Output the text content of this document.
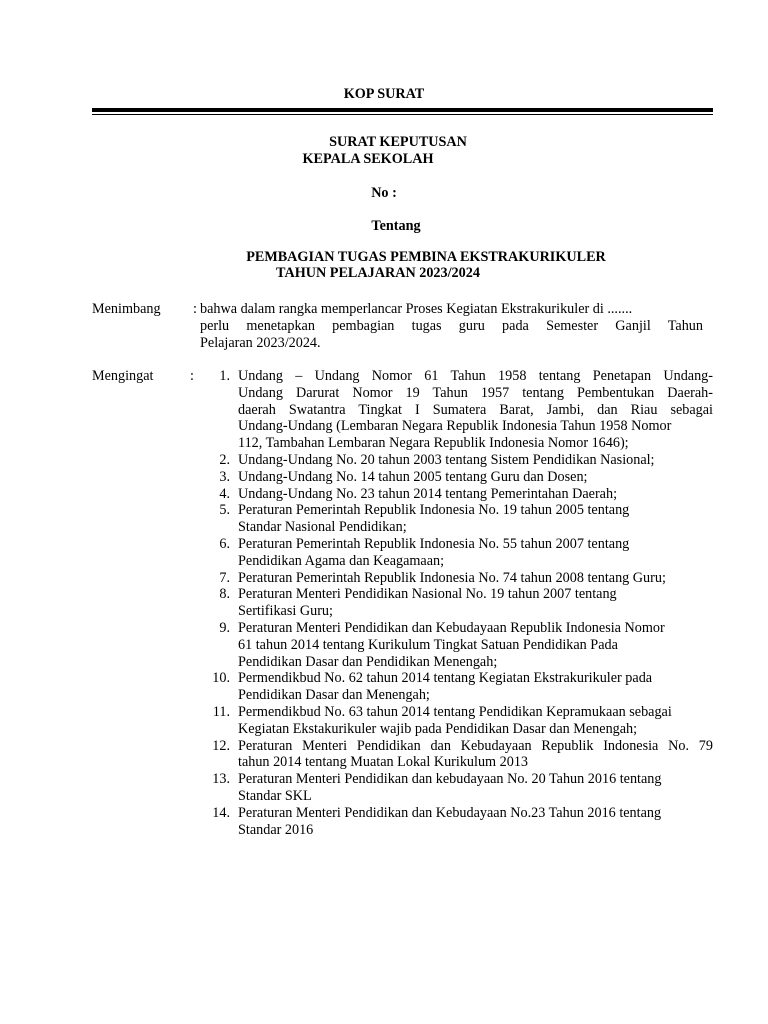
KOP SURAT
SURAT KEPUTUSAN
KEPALA SEKOLAH
No :
Tentang
PEMBAGIAN TUGAS PEMBINA EKSTRAKURIKULER
TAHUN PELAJARAN 2023/2024
Menimbang : bahwa dalam rangka memperlancar Proses Kegiatan Ekstrakurikuler di .......
perlu menetapkan pembagian tugas guru pada Semester Ganjil Tahun
Pelajaran 2023/2024.
Mengingat	:	1. Undang – Undang Nomor 61 Tahun 1958 tentang Penetapan Undang-
Undang Darurat Nomor 19 Tahun 1957 tentang Pembentukan Daerah-
daerah Swatantra Tingkat I Sumatera Barat, Jambi, dan Riau sebagai
Undang-Undang (Lembaran Negara Republik Indonesia Tahun 1958 Nomor
112, Tambahan Lembaran Negara Republik Indonesia Nomor 1646);
2. Undang-Undang No. 20 tahun 2003 tentang Sistem Pendidikan Nasional;
3. Undang-Undang No. 14 tahun 2005 tentang Guru dan Dosen;
4. Undang-Undang No. 23 tahun 2014 tentang Pemerintahan Daerah;
5. Peraturan Pemerintah Republik Indonesia No. 19 tahun 2005 tentang
Standar Nasional Pendidikan;
6. Peraturan Pemerintah Republik Indonesia No. 55 tahun 2007 tentang
Pendidikan Agama dan Keagamaan;
7. Peraturan Pemerintah Republik Indonesia No. 74 tahun 2008 tentang Guru;
8. Peraturan Menteri Pendidikan Nasional No. 19 tahun 2007 tentang
Sertifikasi Guru;
9. Peraturan Menteri Pendidikan dan Kebudayaan Republik Indonesia Nomor
61 tahun 2014 tentang Kurikulum Tingkat Satuan Pendidikan Pada
Pendidikan Dasar dan Pendidikan Menengah;
10. Permendikbud No. 62 tahun 2014 tentang Kegiatan Ekstrakurikuler pada
Pendidikan Dasar dan Menengah;
11. Permendikbud No. 63 tahun 2014 tentang Pendidikan Kepramukaan sebagai
Kegiatan Ekstakurikuler wajib pada Pendidikan Dasar dan Menengah;
12. Peraturan Menteri Pendidikan dan Kebudayaan Republik Indonesia No. 79
tahun 2014 tentang Muatan Lokal Kurikulum 2013
13. Peraturan Menteri Pendidikan dan kebudayaan No. 20 Tahun 2016 tentang
Standar SKL
14. Peraturan Menteri Pendidikan dan Kebudayaan No.23 Tahun 2016 tentang
Standar 2016
